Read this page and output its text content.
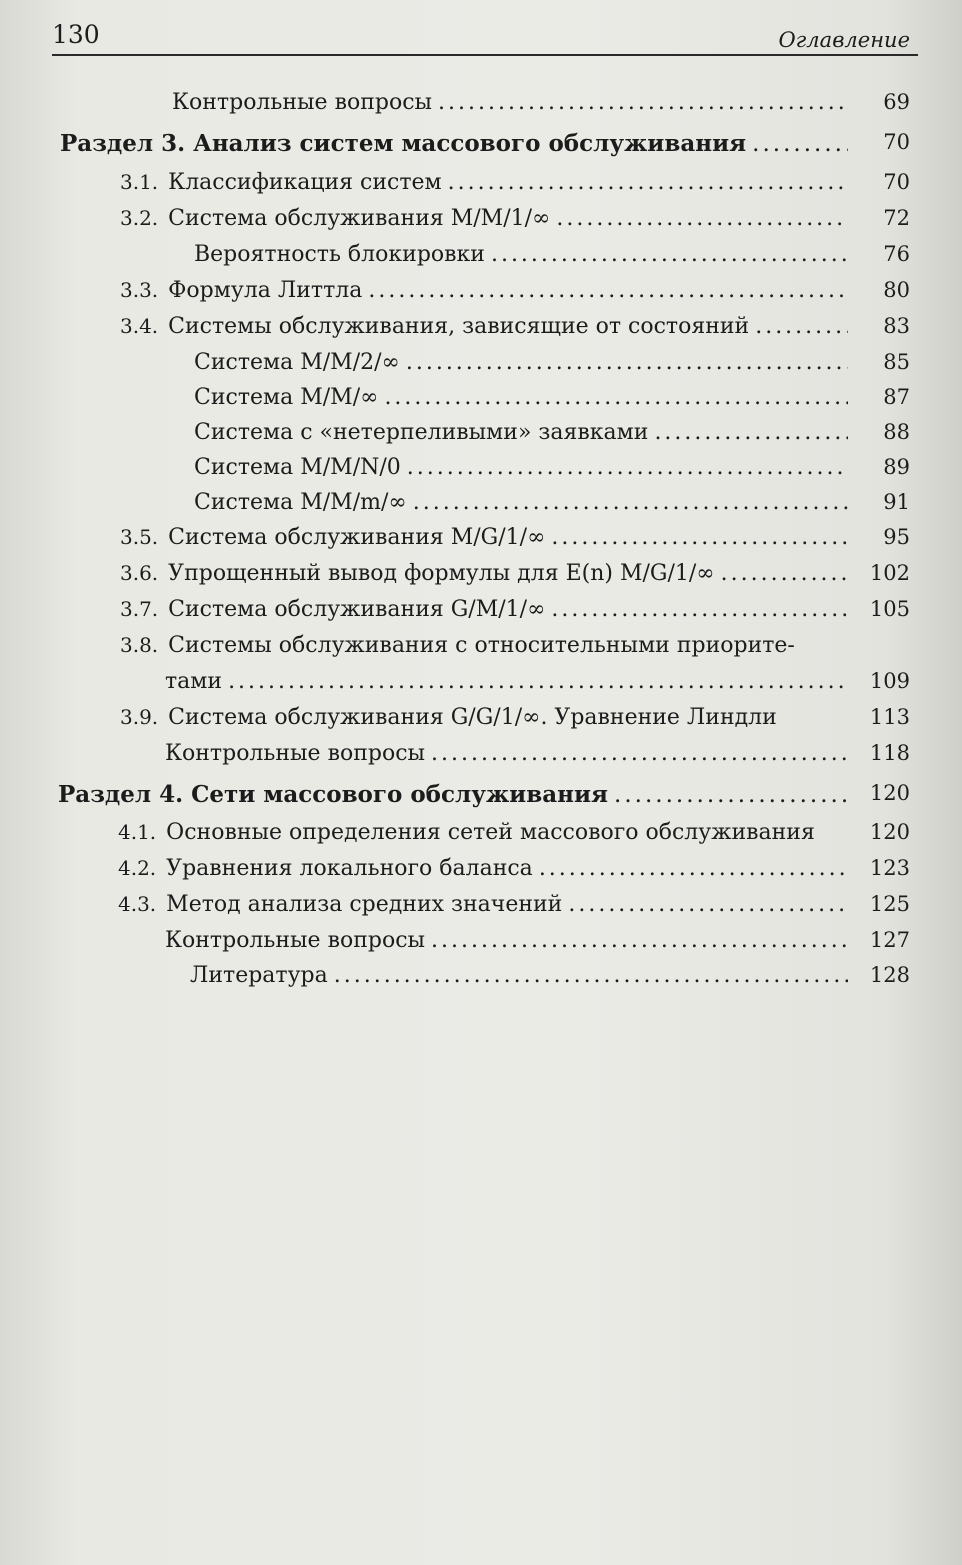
130	Оглавление
Контрольные вопросы .....	69
Раздел 3. Анализ систем массового обслуживания .....	70
3.1. Классификация систем .....	70
3.2. Система обслуживания M/M/1/∞ .....	72
Вероятность блокировки .....	76
3.3. Формула Литтла .....	80
3.4. Системы обслуживания, зависящие от состояний .....	83
Система M/M/2/∞ .....	85
Система M/M/∞ .....	87
Система с «нетерпеливыми» заявками .....	88
Система M/M/N/0 .....	89
Система M/M/m/∞ .....	91
3.5. Система обслуживания M/G/1/∞ .....	95
3.6. Упрощенный вывод формулы для E(n) M/G/1/∞ .....	102
3.7. Система обслуживания G/M/1/∞ .....	105
3.8. Системы обслуживания с относительными приорите-
тами .....	109
3.9. Система обслуживания G/G/1/∞. Уравнение Линдли	113
Контрольные вопросы .....	118
Раздел 4. Сети массового обслуживания .....	120
4.1. Основные определения сетей массового обслуживания	120
4.2. Уравнения локального баланса .....	123
4.3. Метод анализа средних значений .....	125
Контрольные вопросы .....	127
Литература .....	128
